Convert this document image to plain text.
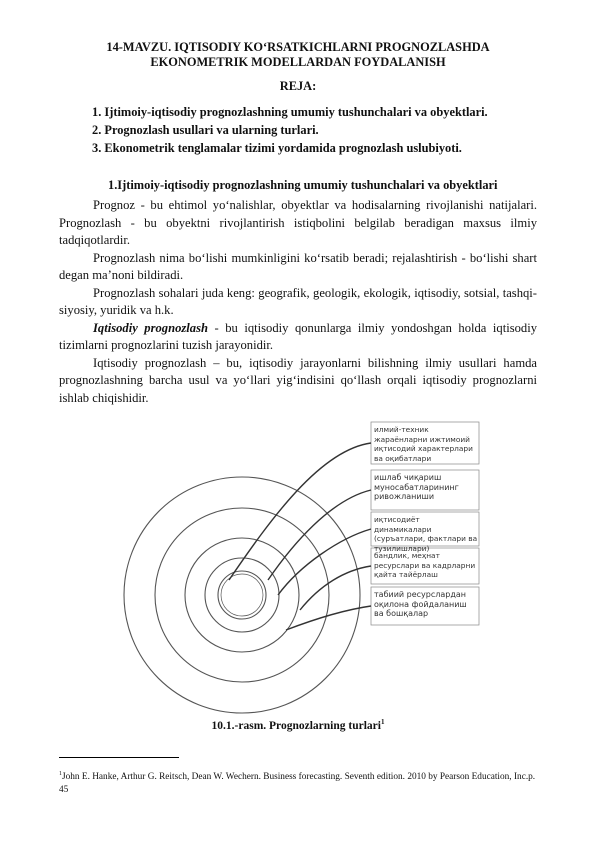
14-MAVZU. IQTISODIY KO‘RSATKICHLARNI PROGNOZLASHDA EKONOMETRIK MODELLARDAN FOYDALANISH
REJA:
1. Ijtimoiy-iqtisodiy prognozlashning umumiy tushunchalari va obyektlari.
2. Prognozlash usullari va ularning turlari.
3. Ekonometrik tenglamalar tizimi yordamida prognozlash uslubiyoti.
1.Ijtimoiy-iqtisodiy prognozlashning umumiy tushunchalari va obyektlari

Prognoz - bu ehtimol yo‘nalishlar, obyektlar va hodisalarning rivojlanishi natijalari. Prognozlash - bu obyektni rivojlantirish istiqbolini belgilab beradigan maxsus ilmiy tadqiqotlardir.

Prognozlash nima bo‘lishi mumkinligini ko‘rsatib beradi; rejalashtirish - bo‘lishi shart degan ma’noni bildiradi.

Prognozlash sohalari juda keng: geografik, geologik, ekologik, iqtisodiy, sotsial, tashqi-siyosiy, yuridik va h.k.

Iqtisodiy prognozlash - bu iqtisodiy qonunlarga ilmiy yondoshgan holda iqtisodiy tizimlarni prognozlarini tuzish jarayonidir.

Iqtisodiy prognozlash – bu, iqtisodiy jarayonlarni bilishning ilmiy usullari hamda prognozlashning barcha usul va yo‘llari yig‘indisini qo‘llash orqali iqtisodiy prognozlarni ishlab chiqishidir.

илмий-техник жараёнларни ижтимоий иқтисодий характерлари ва оқибатлари
ишлаб чиқариш муносабатларининг ривожланиши
иқтисодиёт динамикалари (суръатлари, фактлари ва тузилишлари)
бандлик, меҳнат ресурслари ва кадрларни қайта тайёрлаш
табиий ресурслардан оқилона фойдаланиш ва бошқалар
10.1.-rasm. Prognozlarning turlari$^1$
$^1$John E. Hanke, Arthur G. Reitsch, Dean W. Wechern. Business forecasting. Seventh edition. 2010 by Pearson Education, Inc.p. 45
